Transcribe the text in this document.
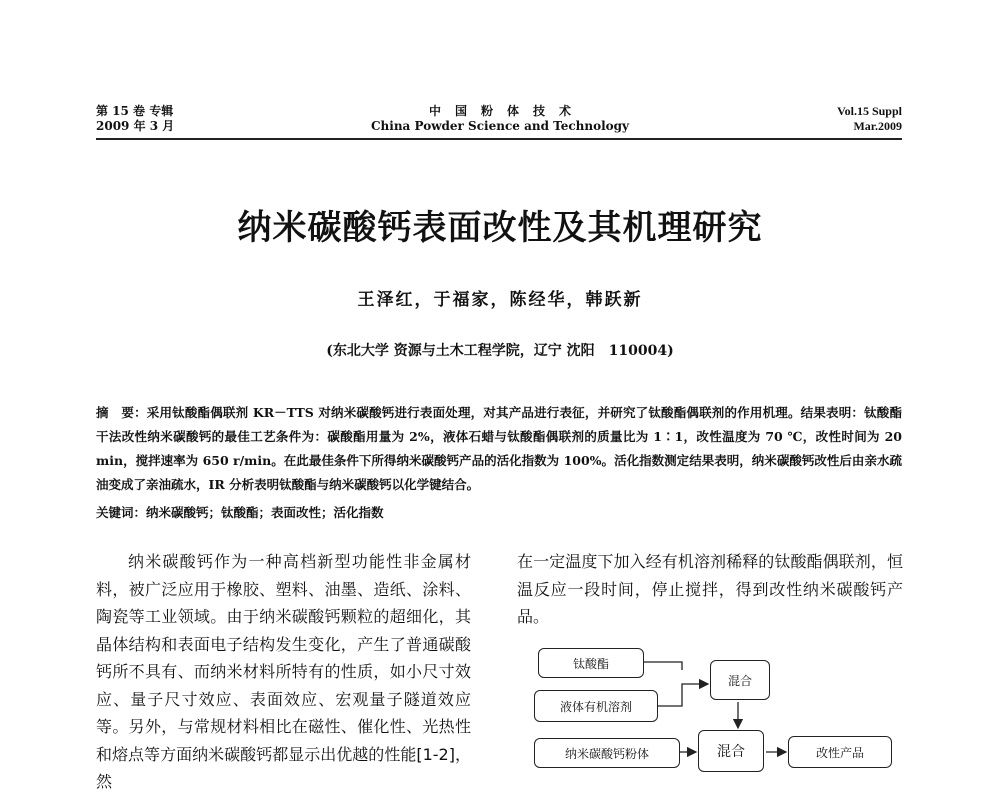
第 15 卷 专辑
2009 年 3 月
中国粉体技术
China Powder Science and Technology
Vol.15 Suppl
Mar.2009
纳米碳酸钙表面改性及其机理研究
王泽红，于福家，陈经华，韩跃新
(东北大学 资源与土木工程学院，辽宁 沈阳　110004)
摘　要：采用钛酸酯偶联剂 KR－TTS 对纳米碳酸钙进行表面处理，对其产品进行表征，并研究了钛酸酯偶联剂的作用机理。结果表明：钛酸酯干法改性纳米碳酸钙的最佳工艺条件为：碳酸酯用量为 2%，液体石蜡与钛酸酯偶联剂的质量比为 1∶1，改性温度为 70 ℃，改性时间为 20 min，搅拌速率为 650 r/min。在此最佳条件下所得纳米碳酸钙产品的活化指数为 100%。活化指数测定结果表明，纳米碳酸钙改性后由亲水疏油变成了亲油疏水，IR 分析表明钛酸酯与纳米碳酸钙以化学键结合。
关键词：纳米碳酸钙；钛酸酯；表面改性；活化指数
纳米碳酸钙作为一种高档新型功能性非金属材料，被广泛应用于橡胶、塑料、油墨、造纸、涂料、陶瓷等工业领域。由于纳米碳酸钙颗粒的超细化，其晶体结构和表面电子结构发生变化，产生了普通碳酸钙所不具有、而纳米材料所特有的性质，如小尺寸效应、量子尺寸效应、表面效应、宏观量子隧道效应等。另外，与常规材料相比在磁性、催化性、光热性和熔点等方面纳米碳酸钙都显示出优越的性能[1-2]，然
在一定温度下加入经有机溶剂稀释的钛酸酯偶联剂，恒温反应一段时间，停止搅拌，得到改性纳米碳酸钙产品。
钛酸酯
液体有机溶剂
混合
纳米碳酸钙粉体	混合	改性产品
